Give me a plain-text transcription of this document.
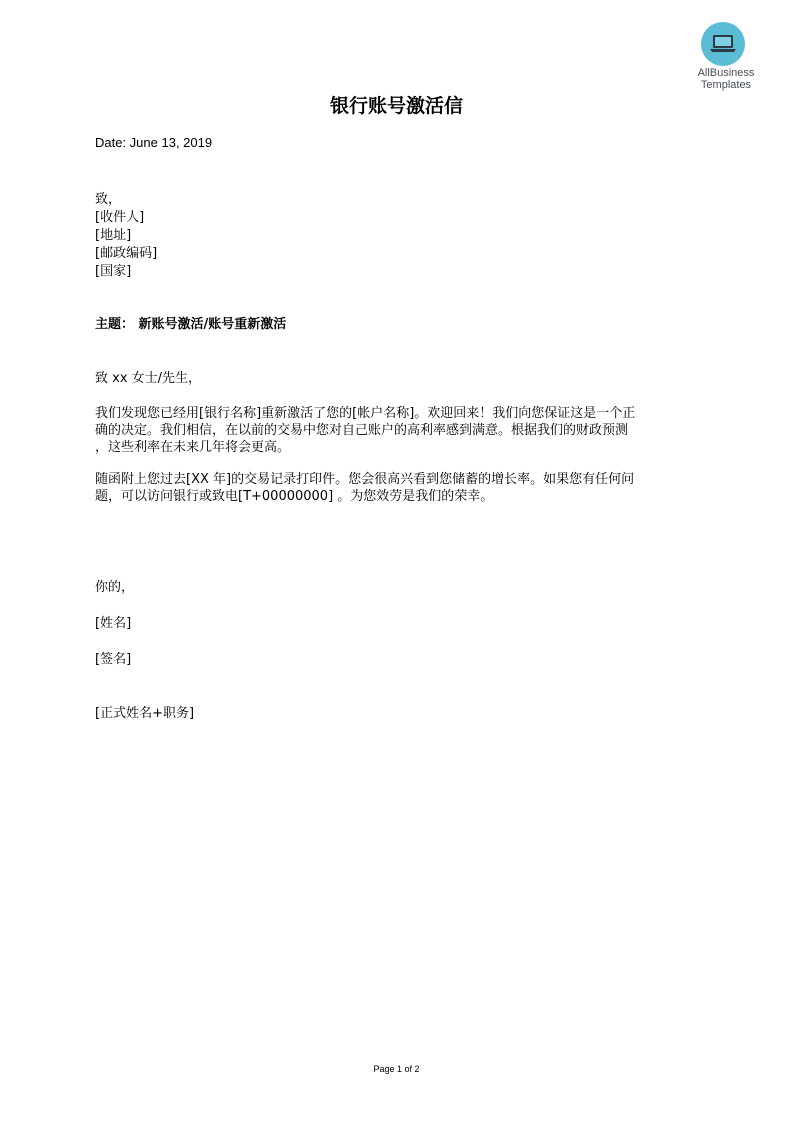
AllBusiness
Templates
银行账号激活信
Date: June 13, 2019
致，
[收件人]
[地址]
[邮政编码]
[国家]
主题： 新账号激活/账号重新激活
致 xx 女士/先生，
我们发现您已经用[银行名称]重新激活了您的[帐户名称]。欢迎回来！我们向您保证这是一个正
确的决定。我们相信，在以前的交易中您对自己账户的高利率感到满意。根据我们的财政预测
，这些利率在未来几年将会更高。
随函附上您过去[XX 年]的交易记录打印件。您会很高兴看到您储蓄的增长率。如果您有任何问
题，可以访问银行或致电[T+00000000] 。为您效劳是我们的荣幸。
你的，
[姓名]
[签名]
[正式姓名+职务]
Page 1 of 2
